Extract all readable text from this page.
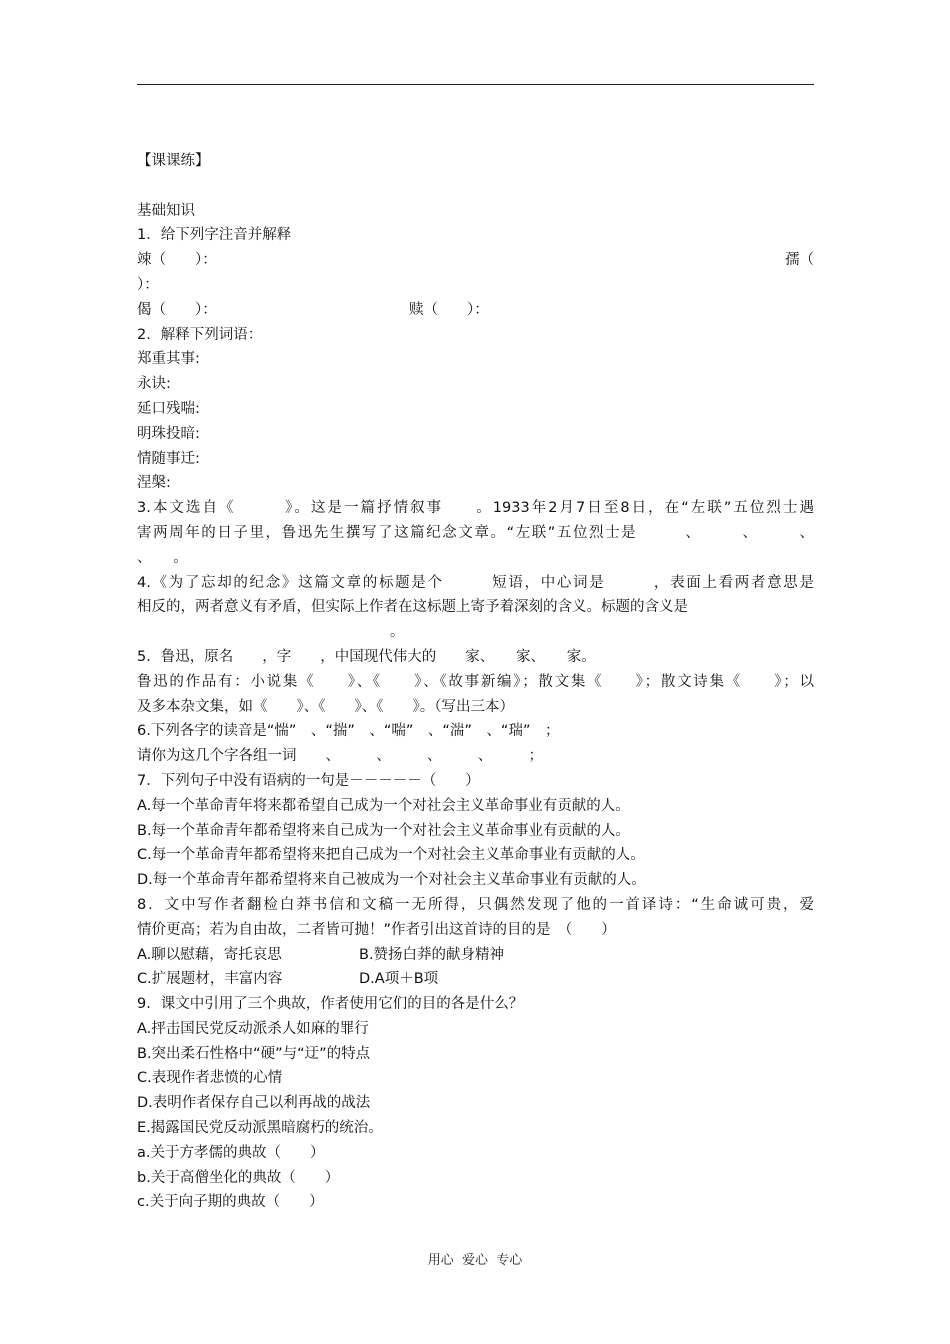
【课课练】
基础知识
1．给下列字注音并解释
竦（　　）：	孺（
）：

偈（　　）：

	赎（　　）：

2．解释下列词语：
郑重其事:
永诀:
延口残喘:
明珠投暗:
情随事迁:
涅槃:
3.本文选自《　　　》。这是一篇抒情叙事　　。1933年2月7日至8日，在“左联”五位烈士遇
害两周年的日子里，鲁迅先生撰写了这篇纪念文章。“左联”五位烈士是　　　、　　　、　　　、
、　　。
4.《为了忘却的纪念》这篇文章的标题是个　　　短语，中心词是　　　，表面上看两者意思是
相反的，两者意义有矛盾，但实际上作者在这标题上寄予着深刻的含义。标题的含义是

。

5．鲁迅，原名　　，字　　，中国现代伟大的　　家、　　家、　　家。
鲁迅的作品有：小说集《　　》、《　　》、《故事新编》；散文集《　　》；散文诗集《　　》；以
及多本杂文集，如《　　》、《　　》、《　　》。（写出三本）
6.下列各字的读音是“惴”　、“揣”　、“喘”　、“湍”　、“瑞”　；
请你为这几个字各组一词　　、　　　、　　　、　　　、　　　；
7．下列句子中没有语病的一句是－－－－－（　　）
A.每一个革命青年将来都希望自己成为一个对社会主义革命事业有贡献的人。
B.每一个革命青年都希望将来自己成为一个对社会主义革命事业有贡献的人。
C.每一个革命青年都希望将来把自己成为一个对社会主义革命事业有贡献的人。
D.每一个革命青年都希望将来自己被成为一个对社会主义革命事业有贡献的人。
8．文中写作者翻检白莽书信和文稿一无所得，只偶然发现了他的一首译诗：“生命诚可贵，爱
情价更高；若为自由故，二者皆可抛！”作者引出这首诗的目的是　（　　）

A.聊以慰藉，寄托哀思

	B.赞扬白莽的献身精神

C.扩展题材，丰富内容

	D.A项＋B项

9．课文中引用了三个典故，作者使用它们的目的各是什么？
A.抨击国民党反动派杀人如麻的罪行
B.突出柔石性格中“硬”与“迂”的特点
C.表现作者悲愤的心情
D.表明作者保存自己以利再战的战法
E.揭露国民党反动派黑暗腐朽的统治。
a.关于方孝儒的典故（　　）
b.关于高僧坐化的典故（　　）
c.关于向子期的典故（　　）
用心  爱心  专心
